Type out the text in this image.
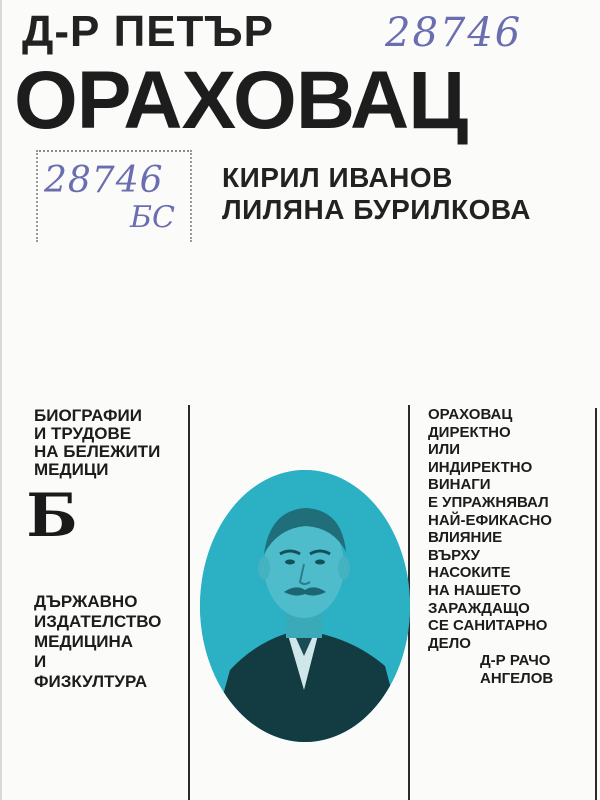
Д-Р ПЕТЪР	28746
ОРАХОВАЦ
28746
БС
КИРИЛ ИВАНОВ
ЛИЛЯНА БУРИЛКОВА
БИОГРАФИИ
И ТРУДОВЕ
НА БЕЛЕЖИТИ
МЕДИЦИ
Б
ДЪРЖАВНО
ИЗДАТЕЛСТВО
МЕДИЦИНА
И
ФИЗКУЛТУРА
ОРАХОВАЦ
ДИРЕКТНО
ИЛИ
ИНДИРЕКТНО
ВИНАГИ
Е УПРАЖНЯВАЛ
НАЙ-ЕФИКАСНО
ВЛИЯНИЕ
ВЪРХУ
НАСОКИТЕ
НА НАШЕТО
ЗАРАЖДАЩО
СЕ САНИТАРНО
ДЕЛО
Д-Р РАЧО
АНГЕЛОВ
